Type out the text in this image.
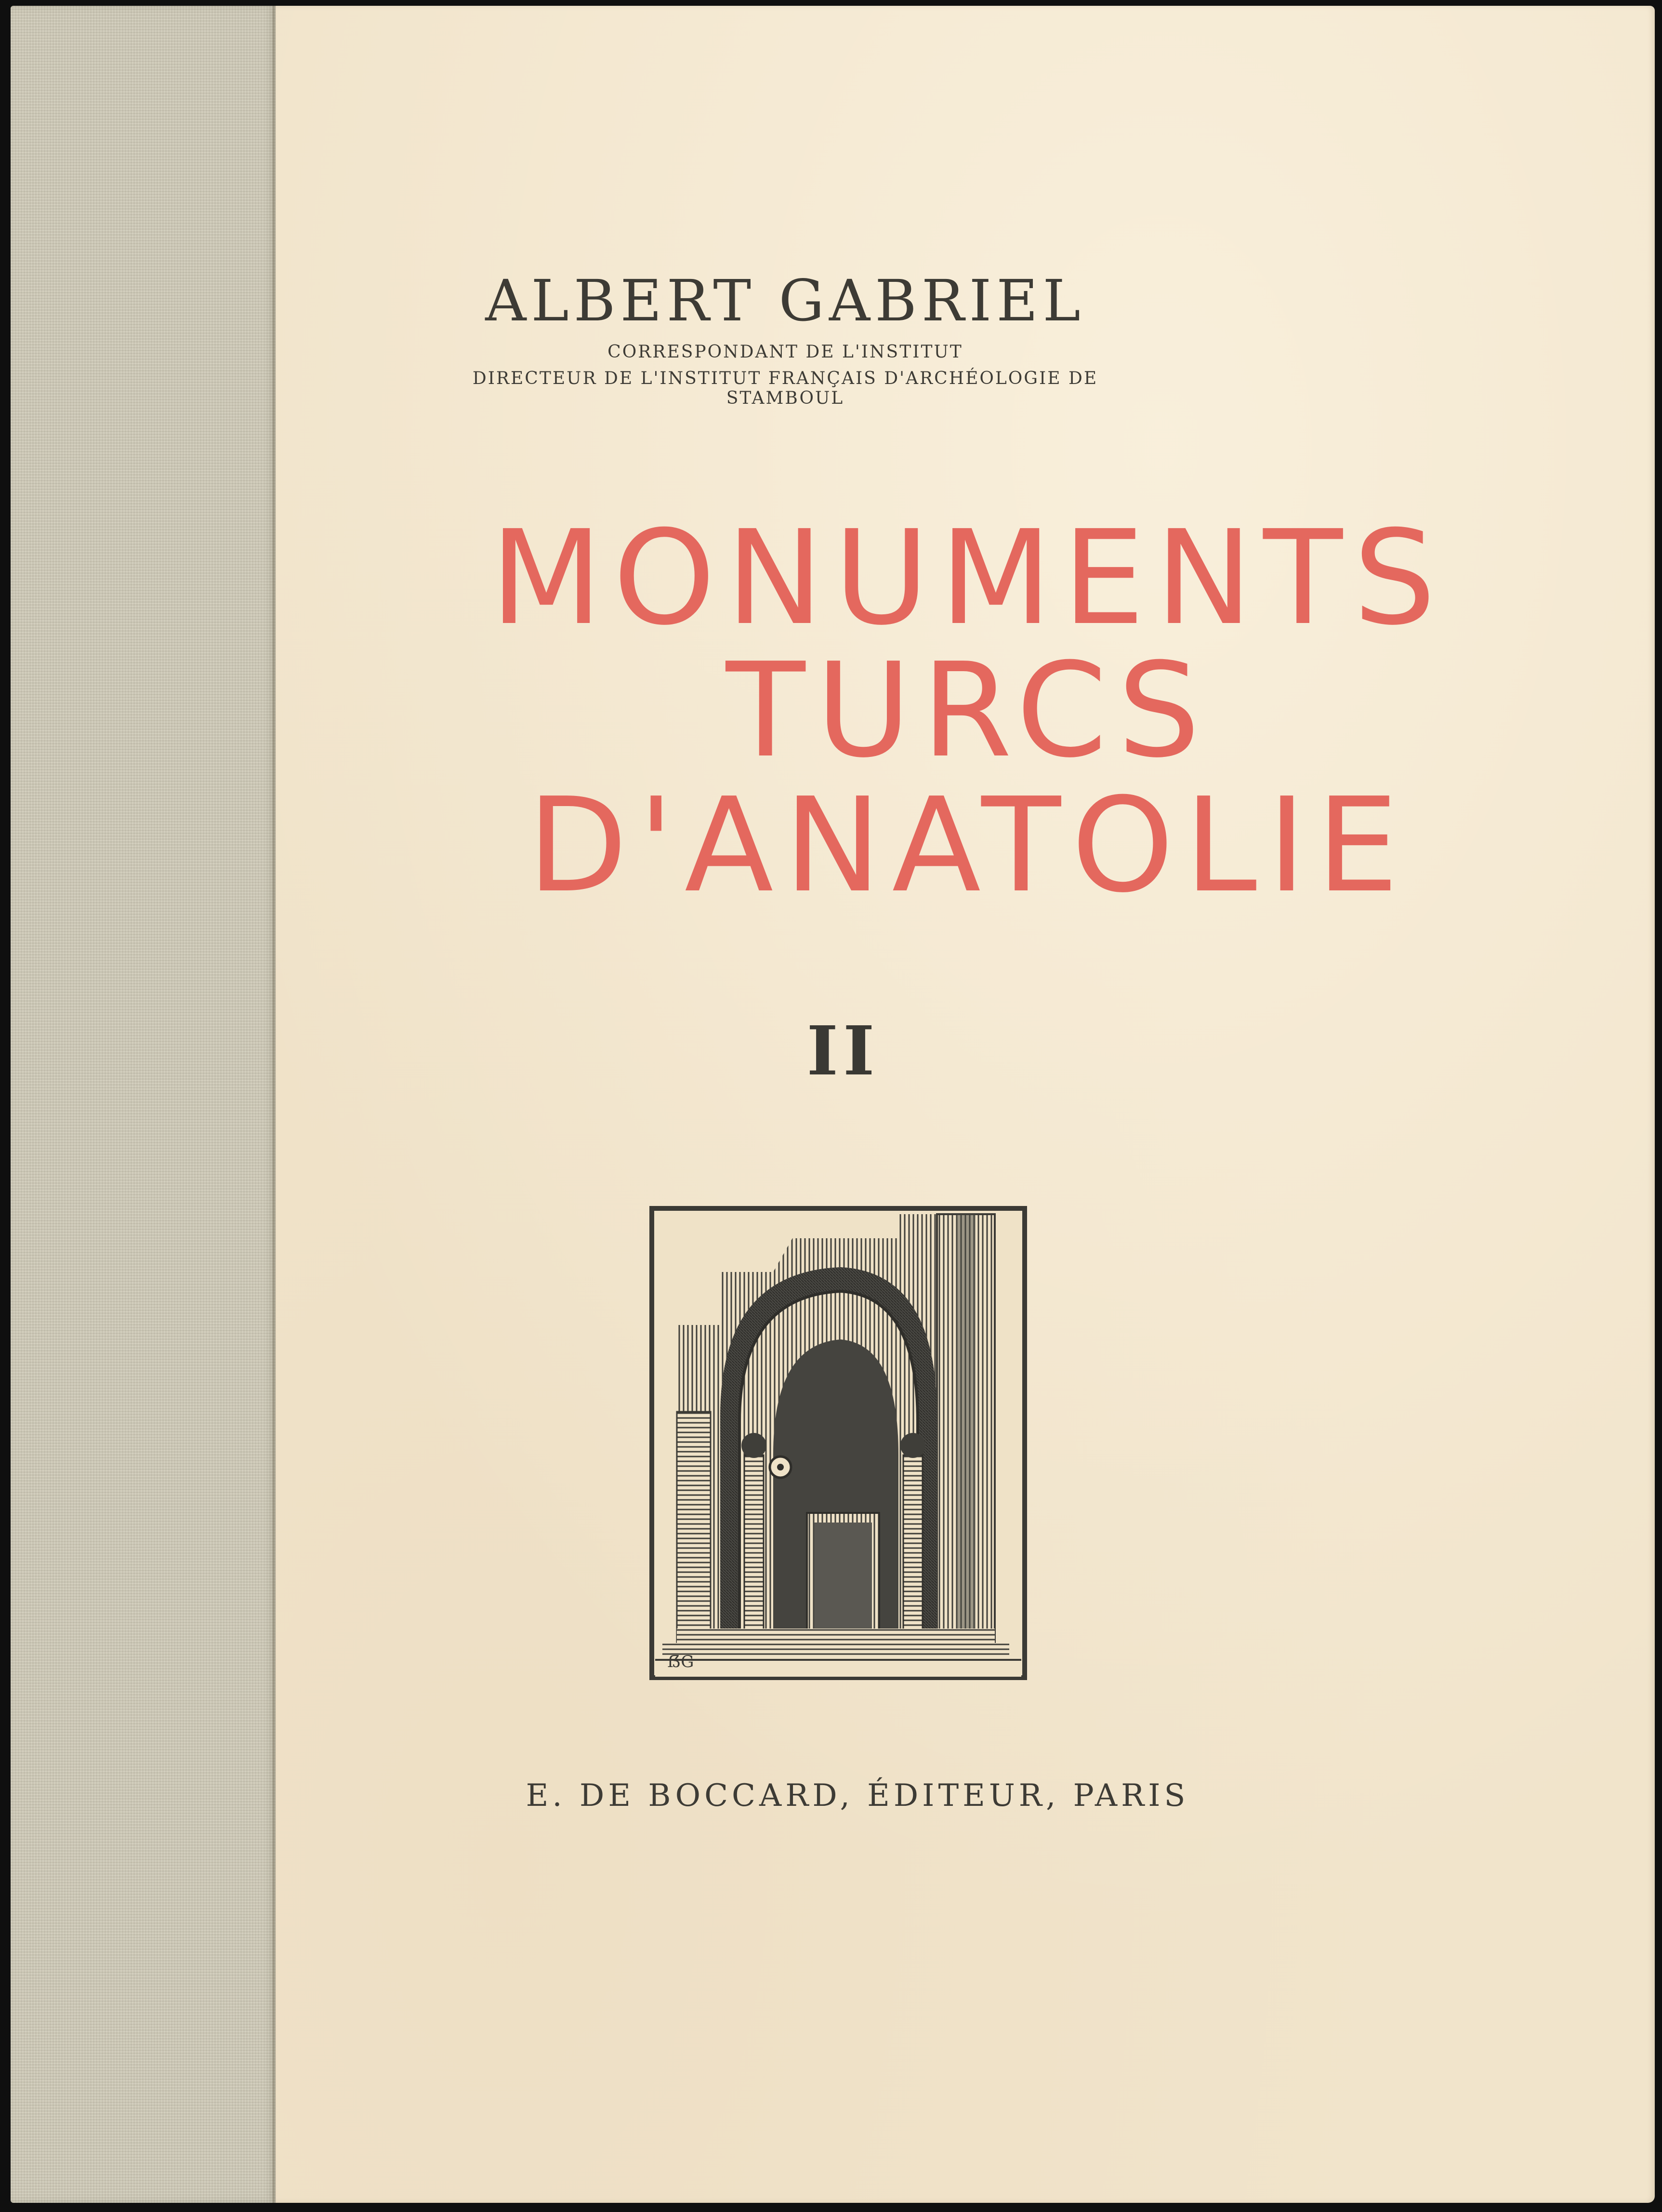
ALBERT GABRIEL
CORRESPONDANT DE L'INSTITUT
DIRECTEUR DE L'INSTITUT FRANÇAIS D'ARCHÉOLOGIE DE STAMBOUL
MONUMENTS
TURCS
D'ANATOLIE
II
ẞG
E. DE BOCCARD, ÉDITEUR, PARIS
